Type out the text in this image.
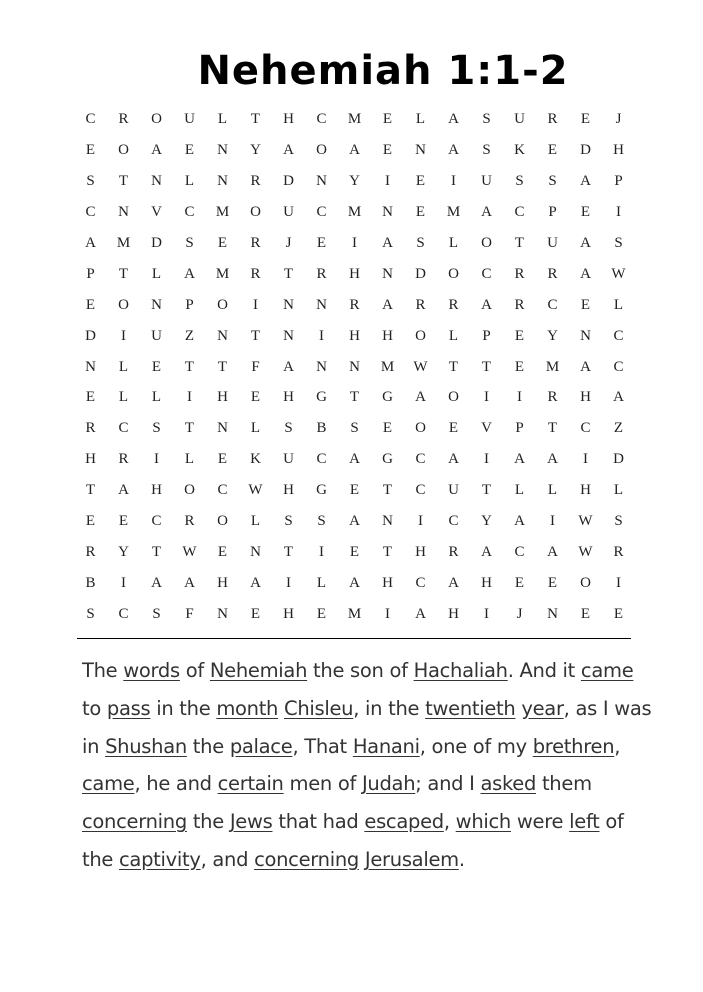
Nehemiah 1:1-2
C	R	O	U	L	T	H	C	M	E	L	A	S	U	R	E	J
E	O	A	E	N	Y	A	O	A	E	N	A	S	K	E	D	H
S	T	N	L	N	R	D	N	Y	I	E	I	U	S	S	A	P
C	N	V	C	M	O	U	C	M	N	E	M	A	C	P	E	I
A	M	D	S	E	R	J	E	I	A	S	L	O	T	U	A	S
P	T	L	A	M	R	T	R	H	N	D	O	C	R	R	A	W
E	O	N	P	O	I	N	N	R	A	R	R	A	R	C	E	L
D	I	U	Z	N	T	N	I	H	H	O	L	P	E	Y	N	C
N	L	E	T	T	F	A	N	N	M	W	T	T	E	M	A	C
E	L	L	I	H	E	H	G	T	G	A	O	I	I	R	H	A
R	C	S	T	N	L	S	B	S	E	O	E	V	P	T	C	Z
H	R	I	L	E	K	U	C	A	G	C	A	I	A	A	I	D
T	A	H	O	C	W	H	G	E	T	C	U	T	L	L	H	L
E	E	C	R	O	L	S	S	A	N	I	C	Y	A	I	W	S
R	Y	T	W	E	N	T	I	E	T	H	R	A	C	A	W	R
B	I	A	A	H	A	I	L	A	H	C	A	H	E	E	O	I
S	C	S	F	N	E	H	E	M	I	A	H	I	J	N	E	E
The words of Nehemiah the son of Hachaliah. And it came
to pass in the month Chisleu, in the twentieth year, as I was
in Shushan the palace, That Hanani, one of my brethren,
came, he and certain men of Judah; and I asked them
concerning the Jews that had escaped, which were left of
the captivity, and concerning Jerusalem.
